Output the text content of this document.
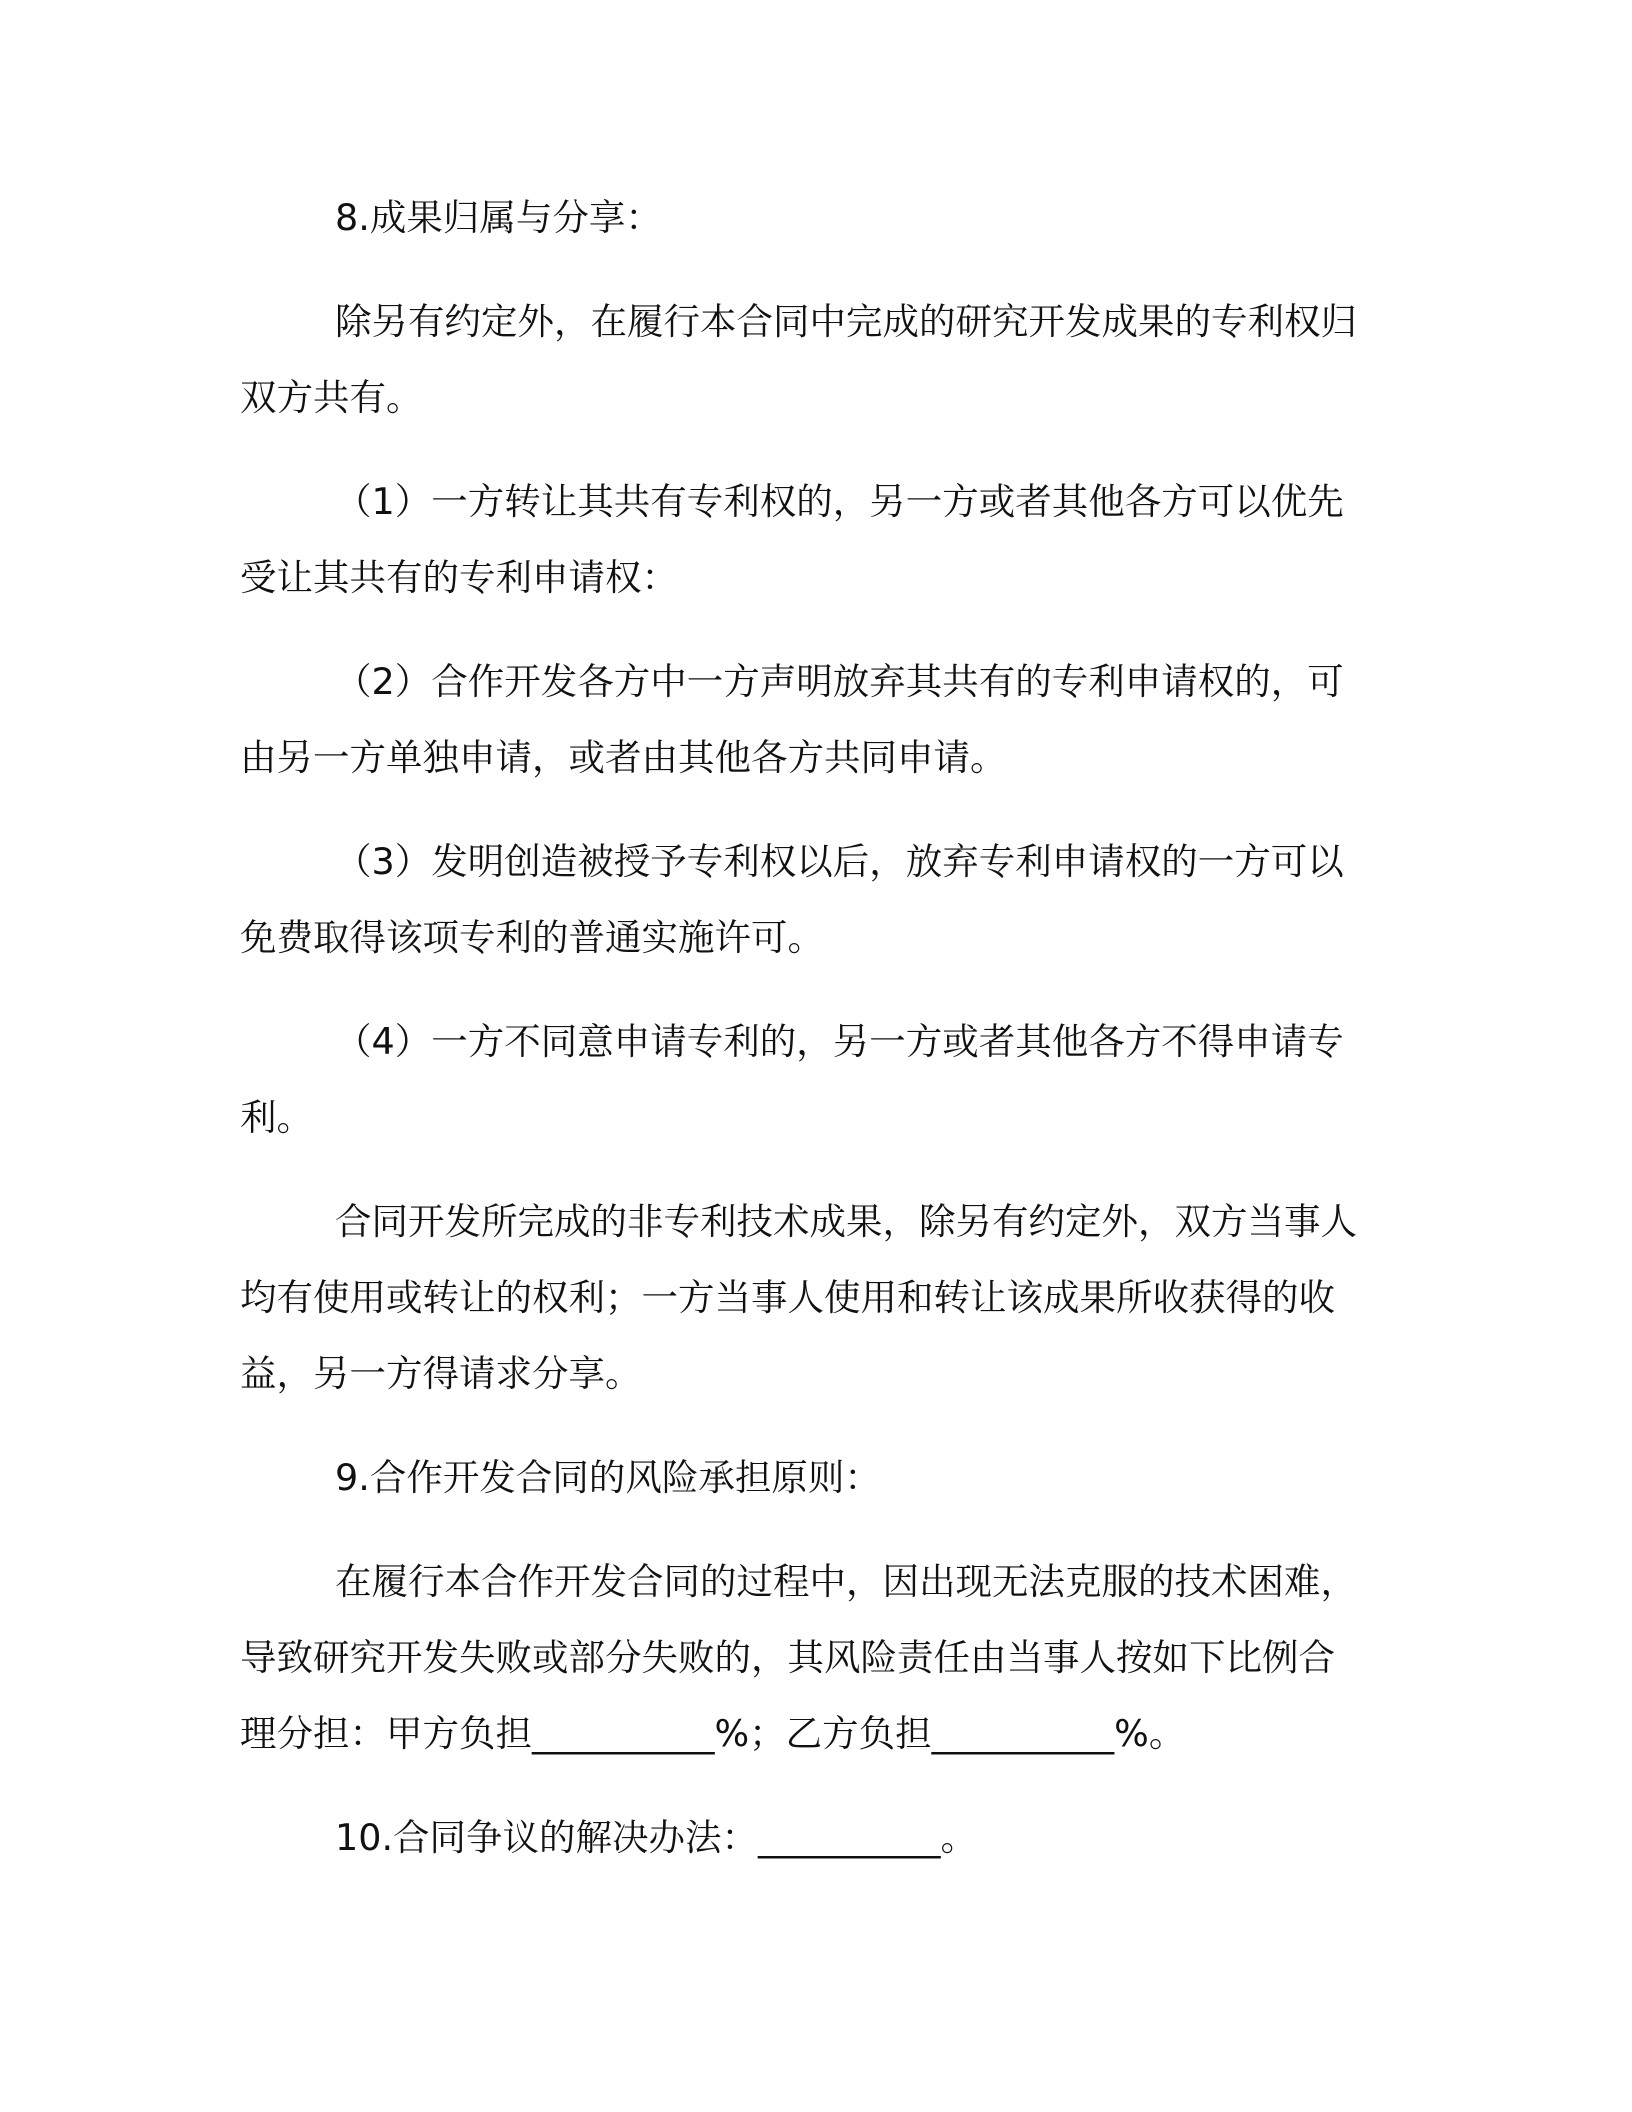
8.成果归属与分享：
除另有约定外，在履行本合同中完成的研究开发成果的专利权归
双方共有。
（1）一方转让其共有专利权的，另一方或者其他各方可以优先
受让其共有的专利申请权：
（2）合作开发各方中一方声明放弃其共有的专利申请权的，可
由另一方单独申请，或者由其他各方共同申请。
（3）发明创造被授予专利权以后，放弃专利申请权的一方可以
免费取得该项专利的普通实施许可。
（4）一方不同意申请专利的，另一方或者其他各方不得申请专
利。
合同开发所完成的非专利技术成果，除另有约定外，双方当事人
均有使用或转让的权利；一方当事人使用和转让该成果所收获得的收
益，另一方得请求分享。
9.合作开发合同的风险承担原则：
在履行本合作开发合同的过程中，因出现无法克服的技术困难，
导致研究开发失败或部分失败的，其风险责任由当事人按如下比例合
理分担：甲方负担__________%；乙方负担__________%。
10.合同争议的解决办法：__________。
